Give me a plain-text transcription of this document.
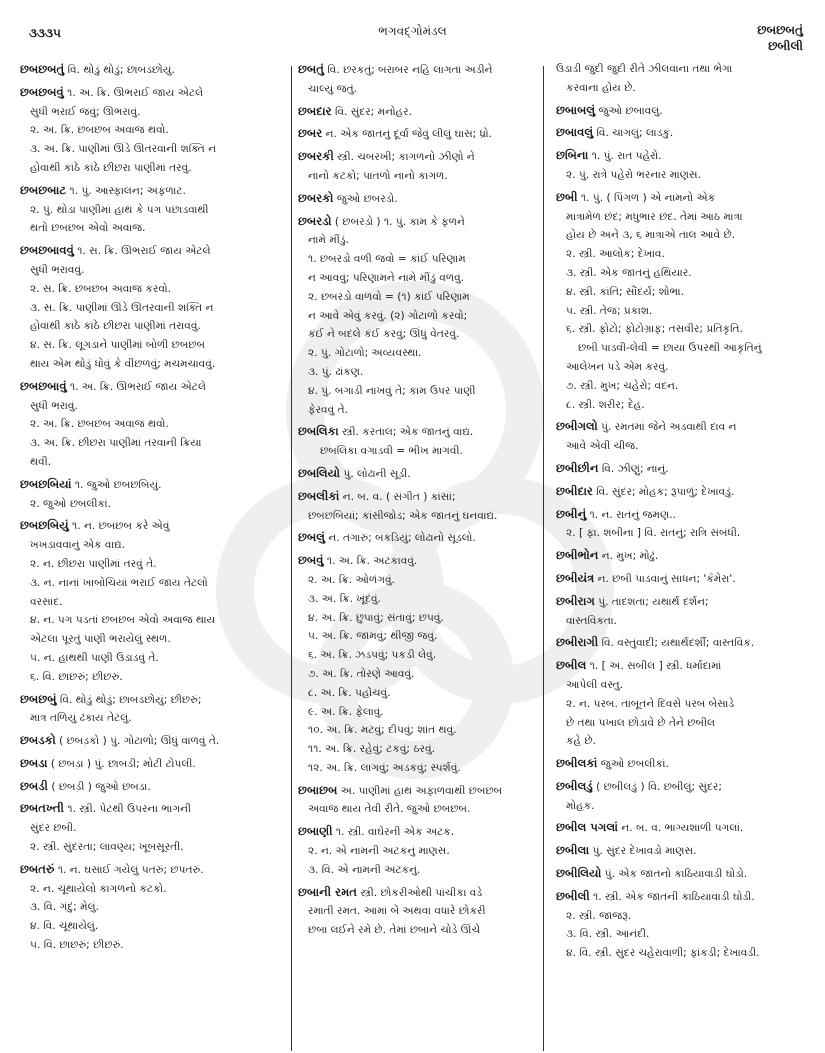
૩૩૩૫	ભગવદ્ગોમંડલ	છબછબતું
છબીલી
છબછબતું વિ. થોડું થોડું; છાબડછોયું.
છબછબવું ૧. અ. ક્રિ. ઊભરાઈ જાય એટલે
સુધી ભરાઈ જવું; ઊભરાવું.
૨. અ. ક્રિ. છબછબ અવાજ થવો.
૩. અ. ક્રિ. પાણીમાં ઊંડે ઊતરવાની શક્તિ ન
હોવાથી કાંઠે કાંઠે છીછરા પાણીમાં તરવું.
છબછબાટ ૧. પું. આસ્ફાલન; અફળાટ.
૨. પું. થોડા પાણીમાં હાથ કે પગ પછાડવાથી
થતો છબછબ એવો અવાજ.
છબછબાવવું ૧. સ. ક્રિ. ઊભરાઈ જાય એટલે
સુધી ભરાવવું.
૨. સ. ક્રિ. છબછબ અવાજ કરવો.
૩. સ. ક્રિ. પાણીમાં ઊંડે ઊતરવાની શક્તિ ન
હોવાથી કાંઠે કાંઠે છીછરા પાણીમાં તરાવવું.
૪. સ. ક્રિ. લૂગડાને પાણીમાં બોળી છબછબ
થાય એમ થોડું ધોવું કે વીંછળવું; મચમચાવવું.
છબછબાવું ૧. અ. ક્રિ. ઊભરાઈ જાય એટલે
સુધી ભરાવું.
૨. અ. ક્રિ. છબછબ અવાજ થવો.
૩. અ. ક્રિ. છીછરા પાણીમાં તરવાની ક્રિયા
થવી.
છબછબિયાં ૧. જુઓ છબછબિયું.
૨. જુઓ છબલીકાં.
છબછબિયું ૧. ન. છબછબ કરે એવું
ખખડાવવાનું એક વાદ્ય.
૨. ન. છીછરા પાણીમાં તરવું તે.
૩. ન. નાનાં ખાબોચિયાં ભરાઈ જાય તેટલો
વરસાદ.
૪. ન. પગ પડતાં છબછબ એવો અવાજ થાય
એટલા પૂરતું પાણી ભરાયેલું સ્થળ.
૫. ન. હાથથી પાણી ઉડાડવું તે.
૬. વિ. છાછરું; છીછરું.
છબછબું વિ. થોડું થોડું; છાબડછોયું; છીછરું;
માત્ર તળિયું ઢંકાય તેટલું.
છબડકો ( છબડ઼કો ) પું. ગોટાળો; ઊંધું વાળવું તે.
છબડા ( છબડ઼ા ) પું. છાબડી; મોટી ટોપલી.
છબડી ( છબડ઼ી ) જુઓ છબડા.
છબતખ્તી ૧. સ્ત્રી. પેટથી ઉપરના ભાગની
સુંદર છબી.
૨. સ્ત્રી. સુંદરતા; લાવણ્ય; ખૂબસૂરતી.
છબતરું ૧. ન. ઘસાઈ ગયેલું પતરું; છપતરું.
૨. ન. ચૂંથાયેલો કાગળનો કટકો.
૩. વિ. ગંદું; મેલું.
૪. વિ. ચૂંથાયેલું.
૫. વિ. છાછરું; છીછરું.
છબતું વિ. છરકતું; બરાબર નહિ લાગતાં અડીને
ચાલ્યું જતું.
છબદાર વિ. સુંદર; મનોહર.
છબર ન. એક જાતનું દૂર્વા જેવું લીલું ઘાસ; ધ્રો.
છબરકી સ્ત્રી. ચબરખી; કાગળનો ઝીણો ને
નાનો કટકો; પાતળો નાનો કાગળ.
છબરકો જુઓ છબરડો.
છબરડો ( છબરડ઼ો ) ૧. પું. કામ કે ફળને
નામે મીંડું.
૧. છબરડો વળી જવો = કાંઈ પરિણામ
ન આવવું; પરિણામને નામે મીંડું વળવું.
૨. છબરડો વાળવો = (૧) કાંઈ પરિણામ
ન આવે એવું કરવું. (૨) ગોટાળો કરવો;
કંઈ ને બદલે કંઈ કરવું; ઊંધું વેતરવું.
૨. પું. ગોટાળો; અવ્યવસ્થા.
૩. પું. ઢાંકણ.
૪. પું. બગાડી નાખવું તે; કામ ઉપર પાણી
ફેરવવું તે.
છબલિકા સ્ત્રી. કરતાલ; એક જાતનું વાદ્ય.
છબલિકા વગાડવી = ભીખ માગવી.
છબલિયો પું. લોઢાની સૂડી.
છબલીકાં ન. બ. વ. ( સંગીત ) કાંસાં;
છબછબિયાં; કાંસીજોડ; એક જાતનું ઘનવાદ્ય.
છબલું ન. તગારું; બકડિયું; લોઢાનો સૂંડલો.
છબવું ૧. અ. ક્રિ. અટકાવવું.
૨. અ. ક્રિ. ઓળંગવું.
૩. અ. ક્રિ. ખૂંદવું.
૪. અ. ક્રિ. છુપાવું; સંતાવું; છપવું.
૫. અ. ક્રિ. જામવું; થીજી જવું.
૬. અ. ક્રિ. ઝડપવું; પકડી લેવું.
૭. અ. ક્રિ. તોરણે આવવું.
૮. અ. ક્રિ. પહોંચવું.
૯. અ. ક્રિ. ફેલાવું.
૧૦. અ. ક્રિ. મટવું; દીપવું; શાંત થવું.
૧૧. અ. ક્રિ. રહેવું; ટકવું; ઠરવું.
૧૨. અ. ક્રિ. લાગવું; અડકવું; સ્પર્શવું.
છબાછબ અ. પાણીમાં હાથ અફાળવાથી છબછબ
અવાજ થાય તેવી રીતે. જુઓ છબછબ.
છબાણી ૧. સ્ત્રી. વાઘેરની એક અટક.
૨. ન. એ નામની અટકનું માણસ.
૩. વિ. એ નામની અટકનું.
છબાની રમત સ્ત્રી. છોકરીઓથી પાંચીકા વડે
રમાતી રમત. આમાં બે અથવા વધારે છોકરી
છબા લઈને રમે છે. તેમાં છબાને ચોડે ઊંચે
ઉડાડી જુદી જુદી રીતે ઝીલવાના તથા ભેગા
કરવાના હોય છે.
છબાબલું જુઓ છબાવલું.
છબાવલું વિ. ચાગલું; લાડકું.
છબિના ૧. પું. રાત પહેરો.
૨. પું. રાત્રે પહેરો ભરનાર માણસ.
છબી ૧. પું. ( પિંગળ ) એ નામનો એક
માત્રામેળ છંદ; મધુભાર છંદ. તેમાં આઠ માત્રા
હોય છે અને ૩, ૬ માત્રાએ તાલ આવે છે.
૨. સ્ત્રી. આલોક; દેખાવ.
૩. સ્ત્રી. એક જાતનું હથિયાર.
૪. સ્ત્રી. કાંતિ; સૌંદર્ય; શોભા.
૫. સ્ત્રી. તેજ; પ્રકાશ.
૬. સ્ત્રી. ફોટો; ફોટોગ્રાફ; તસવીર; પ્રતિકૃતિ.
છબી પાડવી-લેવી = છાયા ઉપરથી આકૃતિનું
આલેખન પડે એમ કરવું.
૭. સ્ત્રી. મુખ; ચહેરો; વદન.
૮. સ્ત્રી. શરીર; દેહ.
છબીગલો પું. રમતમાં જેને અડવાથી દાવ ન
આવે એવી ચીજ.
છબીછીન વિ. ઝીણું; નાનું.
છબીદાર વિ. સુંદર; મોહક; રૂપાળું; દેખાવડું.
છબીનું ૧. ન. રાતનું જમણ..
૨. [ ફા. શબીના ] વિ. રાતનું; રાત્રિ સંબંધી.
છબીભોન ન. મુખ; મોઢું.
છબીયંત્ર ન. છબી પાડવાનું સાધન; 'કૅમેરા'.
છબીરાગ પું. તાદશતા; યથાર્થ દર્શન;
વાસ્તવિકતા.
છબીરાગી વિ. વસ્તુવાદી; યથાર્થદર્શી; વાસ્તવિક.
છબીલ ૧. [ અ. સબીલ ] સ્ત્રી. ધર્માદામાં
આપેલી વસ્તુ.
૨. ન. પરબ. તાબૂતને દિવસે પરબ બેસાડે
છે તથા પખાલ છોડાવે છે તેને છબીલ
કહે છે.
છબીલકાં જુઓ છબલીકાં.
છબીલડું ( છબીલડ઼ું ) વિ. છબીલું; સુંદર;
મોહક.
છબીલ પગલાં ન. બ. વ. ભાગ્યશાળી પગલાં.
છબીલા પું. સુંદર દેખાવડો માણસ.
છબીલિયો પું. એક જાતનો કાઠિયાવાડી ઘોડો.
છબીલી ૧. સ્ત્રી. એક જાતની કાઠિયાવાડી ઘોડી.
૨. સ્ત્રી. જાજરૂ.
૩. વિ. સ્ત્રી. આનંદી.
૪. વિ. સ્ત્રી. સુંદર ચહેરાવાળી; ફાંકડી; દેખાવડી.
